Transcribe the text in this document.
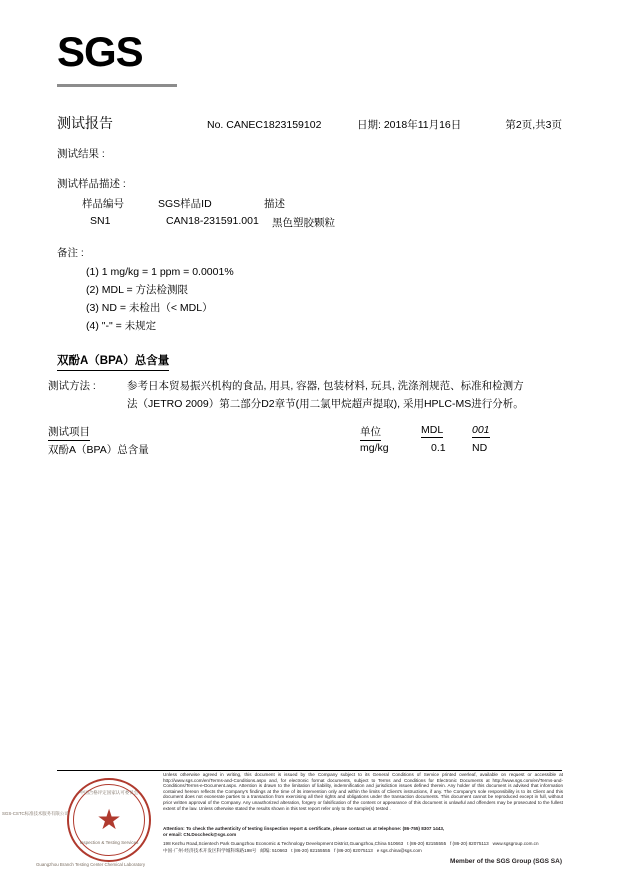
SGS
测试报告	No. CANEC1823159102	日期: 2018年11月16日	第2页,共3页
测试结果 :
测试样品描述 :
样品编号	SGS样品ID	描述
SN1	CAN18-231591.001	黑色塑胶颗粒
备注 :
(1) 1 mg/kg = 1 ppm = 0.0001%
(2) MDL = 方法检测限
(3) ND = 未检出（< MDL）
(4) "-" = 未规定
双酚A（BPA）总含量
测试方法 :	参考日本贸易振兴机构的食品, 用具, 容器, 包装材料, 玩具, 洗涤剂规范、标准和检测方
法（JETRO 2009）第二部分D2章节(用二氯甲烷超声提取), 采用HPLC-MS进行分析。
测试项目	单位	MDL	001
双酚A（BPA）总含量	mg/kg	0.1	ND
★
中国合格评定国家认可委员会
Inspection & Testing Services
SGS-CSTC标准技术服务有限公司
Guangzhou Branch Testing Center Chemical Laboratory
Unless otherwise agreed in writing, this document is issued by the Company subject to its General Conditions of Service printed overleaf, available on request or accessible at http://www.sgs.com/en/Terms-and-Conditions.aspx and, for electronic format documents, subject to Terms and Conditions for Electronic Documents at http://www.sgs.com/en/Terms-and-Conditions/Terms-e-Document.aspx. Attention is drawn to the limitation of liability, indemnification and jurisdiction issues defined therein. Any holder of this document is advised that information contained hereon reflects the Company's findings at the time of its intervention only and within the limits of Client's instructions, if any. The Company's sole responsibility is to its Client and this document does not exonerate parties to a transaction from exercising all their rights and obligations under the transaction documents. This document cannot be reproduced except in full, without prior written approval of the Company. Any unauthorized alteration, forgery or falsification of the content or appearance of this document is unlawful and offenders may be prosecuted to the fullest extent of the law. Unless otherwise stated the results shown in this test report refer only to the sample(s) tested .
Attention: To check the authenticity of testing /inspection report & certificate, please contact us at telephone: (86-755) 8307 1443,
or email: CN.Doccheck@sgs.com
198 Kezhu Road,Scientech Park Guangzhou Economic & Technology Development District,Guangzhou,China 510663 t (86-20) 82155555 f (86-20) 82075113 www.sgsgroup.com.cn
中国·广州·经济技术开发区科学城科珠路198号 邮编: 510663 t (86-20) 82155555 f (86-20) 82075113 e sgs.china@sgs.com
Member of the SGS Group (SGS SA)
